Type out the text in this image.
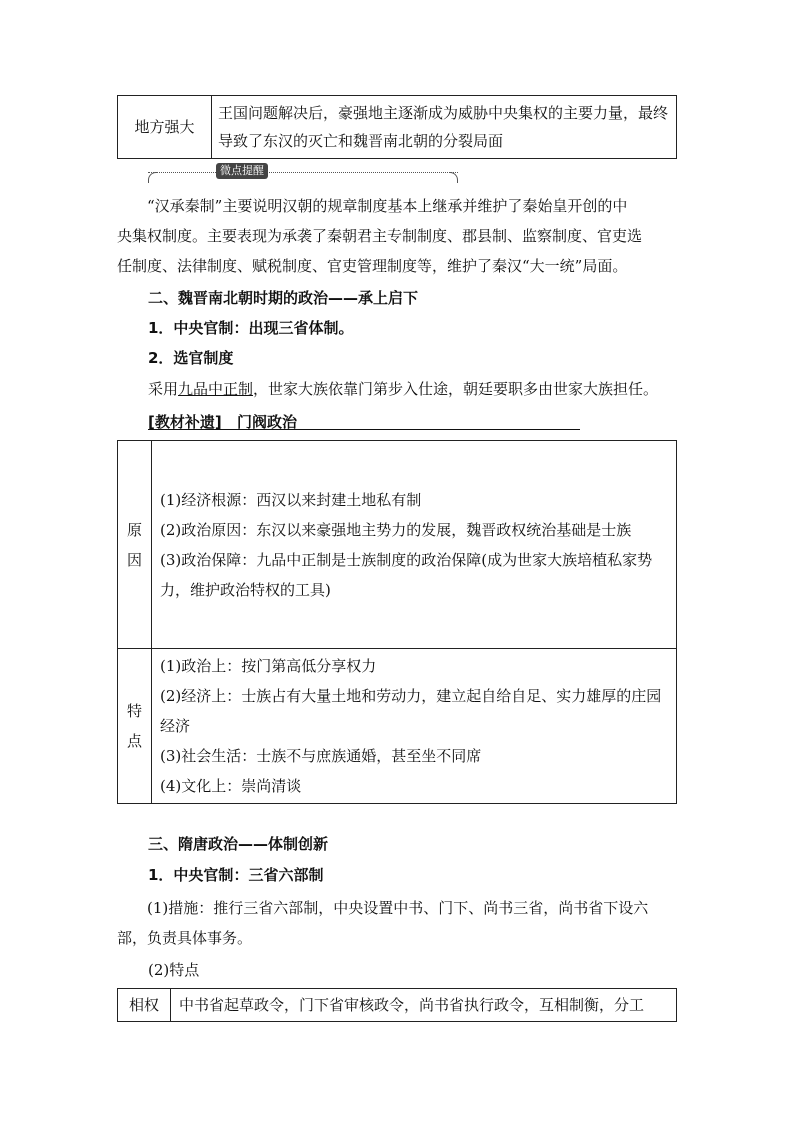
地方强大	王国问题解决后，豪强地主逐渐成为威胁中央集权的主要力量，最终导致了东汉的灭亡和魏晋南北朝的分裂局面
微点提醒
“汉承秦制”主要说明汉朝的规章制度基本上继承并维护了秦始皇开创的中
央集权制度。主要表现为承袭了秦朝君主专制制度、郡县制、监察制度、官吏选
任制度、法律制度、赋税制度、官吏管理制度等，维护了秦汉“大一统”局面。
二、魏晋南北朝时期的政治——承上启下
1．中央官制：出现三省体制。
2．选官制度
采用九品中正制，世家大族依靠门第步入仕途，朝廷要职多由世家大族担任。
[教材补遗] 门阀政治
原因	(1)经济根源：西汉以来封建土地私有制
(2)政治原因：东汉以来豪强地主势力的发展，魏晋政权统治基础是士族
(3)政治保障：九品中正制是士族制度的政治保障(成为世家大族培植私家势力，维护政治特权的工具)

特点	(1)政治上：按门第高低分享权力
(2)经济上：士族占有大量土地和劳动力，建立起自给自足、实力雄厚的庄园经济
(3)社会生活：士族不与庶族通婚，甚至坐不同席
(4)文化上：崇尚清谈
三、隋唐政治——体制创新
1．中央官制：三省六部制
(1)措施：推行三省六部制，中央设置中书、门下、尚书三省，尚书省下设六
部，负责具体事务。
(2)特点
相权	中书省起草政令，门下省审核政令，尚书省执行政令，互相制衡，分工
